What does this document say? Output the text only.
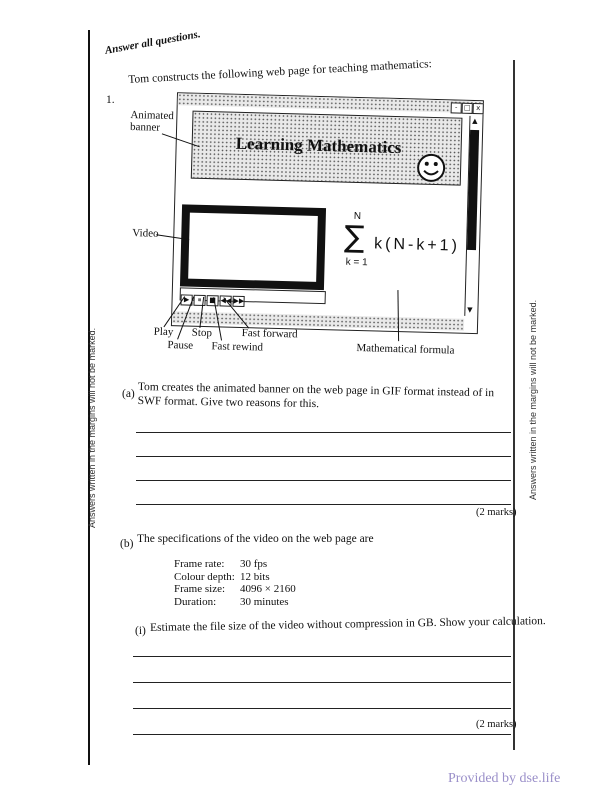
Answers written in the margins will not be marked.	Answers written in the margins will not be marked.
Answer all questions.
1.
Tom constructs the following web page for teaching mathematics:
- □ x
▲
▼
Learning Mathematics
▶ ⏸ ■ ◀◀ ▶▶
N
∑ k(N-k+1)
k = 1
Animated banner
Video
Play
Pause
Stop
Fast rewind
Fast forward
Mathematical formula
(a) Tom creates the animated banner on the web page in GIF format instead of in SWF format. Give two reasons for this.
(2 marks)
(b) The specifications of the video on the web page are
Frame rate: 30 fps
Colour depth: 12 bits
Frame size: 4096 × 2160
Duration: 30 minutes
(i) Estimate the file size of the video without compression in GB. Show your calculation.
(2 marks)
Provided by dse.life
